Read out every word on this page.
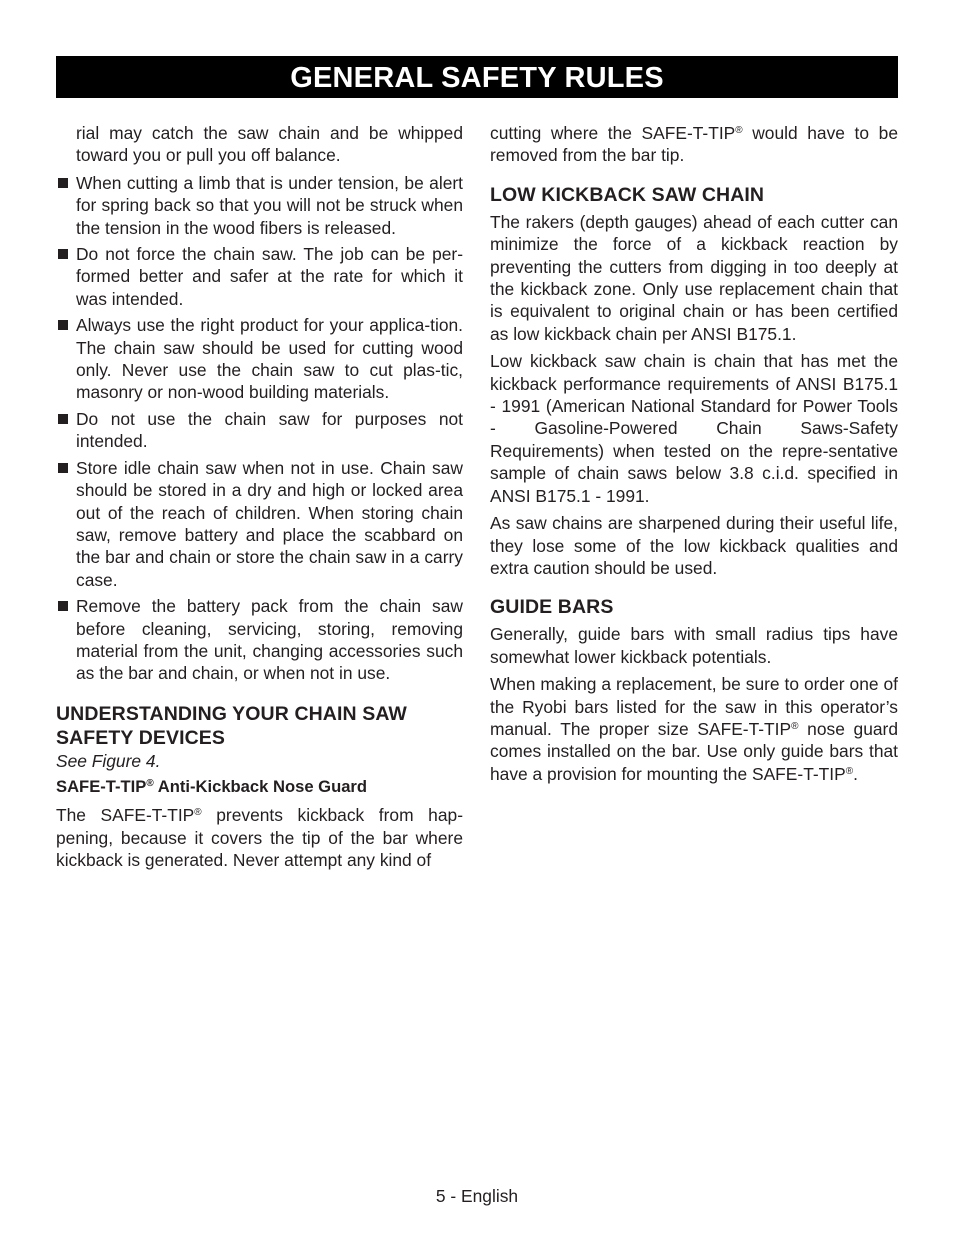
GENERAL SAFETY RULES

rial may catch the saw chain and be whipped toward you or pull you off balance.

When cutting a limb that is under tension, be alert for spring back so that you will not be struck when the tension in the wood fibers is released.
Do not force the chain saw. The job can be per-formed better and safer at the rate for which it was intended.
Always use the right product for your applica-tion. The chain saw should be used for cutting wood only. Never use the chain saw to cut plas-tic, masonry or non-wood building materials.
Do not use the chain saw for purposes not intended.
Store idle chain saw when not in use. Chain saw should be stored in a dry and high or locked area out of the reach of children. When storing chain saw, remove battery and place the scabbard on the bar and chain or store the chain saw in a carry case.
Remove the battery pack from the chain saw before cleaning, servicing, storing, removing material from the unit, changing accessories such as the bar and chain, or when not in use.
UNDERSTANDING YOUR CHAIN SAW SAFETY DEVICES

See Figure 4.

SAFE-T-TIP® Anti-Kickback Nose Guard

The SAFE-T-TIP® prevents kickback from hap-pening, because it covers the tip of the bar where kickback is generated. Never attempt any kind of

cutting where the SAFE-T-TIP® would have to be removed from the bar tip.

LOW KICKBACK SAW CHAIN

The rakers (depth gauges) ahead of each cutter can minimize the force of a kickback reaction by preventing the cutters from digging in too deeply at the kickback zone. Only use replacement chain that is equivalent to original chain or has been certified as low kickback chain per ANSI B175.1.

Low kickback saw chain is chain that has met the kickback performance requirements of ANSI B175.1 - 1991 (American National Standard for Power Tools - Gasoline-Powered Chain Saws-Safety Requirements) when tested on the repre-sentative sample of chain saws below 3.8 c.i.d. specified in ANSI B175.1 - 1991.

As saw chains are sharpened during their useful life, they lose some of the low kickback qualities and extra caution should be used.

GUIDE BARS

Generally, guide bars with small radius tips have somewhat lower kickback potentials.

When making a replacement, be sure to order one of the Ryobi bars listed for the saw in this operator’s manual. The proper size SAFE-T-TIP® nose guard comes installed on the bar. Use only guide bars that have a provision for mounting the SAFE-T-TIP®.

5 - English
